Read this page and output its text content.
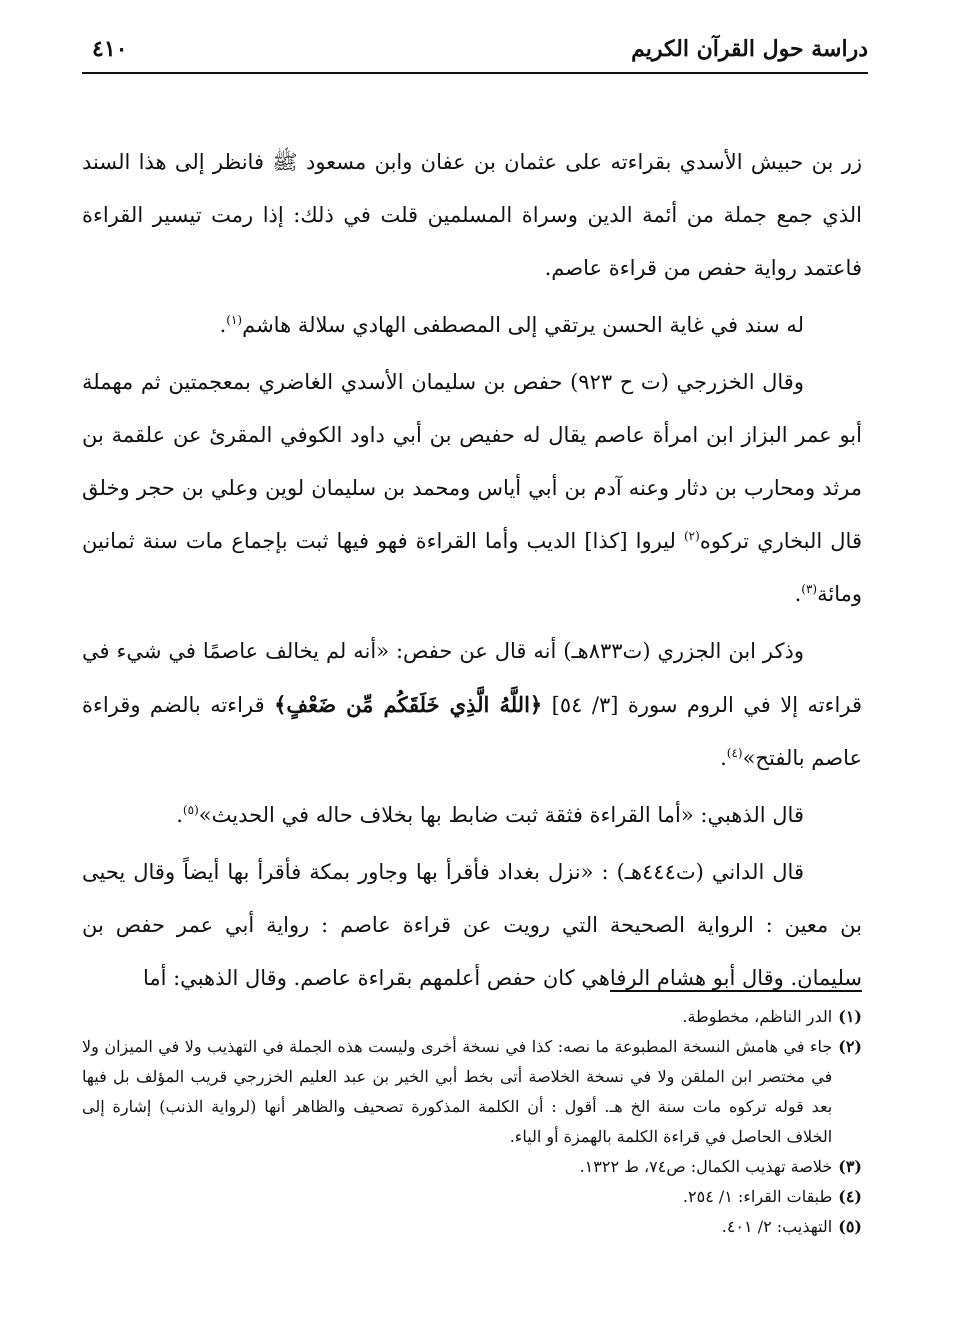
دراسة حول القرآن الكريم
٤١٠

زر بن حبيش الأسدي بقراءته على عثمان بن عفان وابن مسعود ﷺ فانظر إلى هذا السند الذي جمع جملة من أئمة الدين وسراة المسلمين قلت في ذلك: إذا رمت تيسير القراءة فاعتمد رواية حفص من قراءة عاصم.

له سند في غاية الحسن يرتقي إلى المصطفى الهادي سلالة هاشم$^{(١)}$.

وقال الخزرجي (ت ح ٩٢٣) حفص بن سليمان الأسدي الغاضري بمعجمتين ثم مهملة أبو عمر البزاز ابن امرأة عاصم يقال له حفيص بن أبي داود الكوفي المقرئ عن علقمة بن مرثد ومحارب بن دثار وعنه آدم بن أبي أياس ومحمد بن سليمان لوين وعلي بن حجر وخلق قال البخاري تركوه$^{(٢)}$ ليروا [كذا] الديب وأما القراءة فهو فيها ثبت بإجماع مات سنة ثمانين ومائة$^{(٣)}$.

وذكر ابن الجزري (ت٨٣٣هـ) أنه قال عن حفص: «أنه لم يخالف عاصمًا في شيء في قراءته إلا في الروم سورة [٣/ ٥٤] ﴿اللَّهُ الَّذِي خَلَقَكُم مِّن ضَعْفٍ﴾ قراءته بالضم وقراءة عاصم بالفتح»$^{(٤)}$.

قال الذهبي: «أما القراءة فثقة ثبت ضابط بها بخلاف حاله في الحديث»$^{(٥)}$.

قال الداني (ت٤٤٤هـ) : «نزل بغداد فأقرأ بها وجاور بمكة فأقرأ بها أيضاً وقال يحيى بن معين : الرواية الصحيحة التي رويت عن قراءة عاصم : رواية أبي عمر حفص بن سليمان. وقال أبو هشام الرفاهي كان حفص أعلمهم بقراءة عاصم. وقال الذهبي: أما

(١)
الدر الناظم، مخطوطة.
(٢)
جاء في هامش النسخة المطبوعة ما نصه: كذا في نسخة أخرى وليست هذه الجملة في التهذيب ولا في الميزان ولا في مختصر ابن الملقن ولا في نسخة الخلاصة أتى بخط أبي الخير بن عبد العليم الخزرجي قريب المؤلف بل فيها بعد قوله تركوه مات سنة الخ هـ. أقول : أن الكلمة المذكورة تصحيف والظاهر أنها (لرواية الذنب) إشارة إلى الخلاف الحاصل في قراءة الكلمة بالهمزة أو الياء.
(٣)
خلاصة تهذيب الكمال: ص٧٤، ط ١٣٢٢.
(٤)
طبقات القراء: ١/ ٢٥٤.
(٥)
التهذيب: ٢/ ٤٠١.
